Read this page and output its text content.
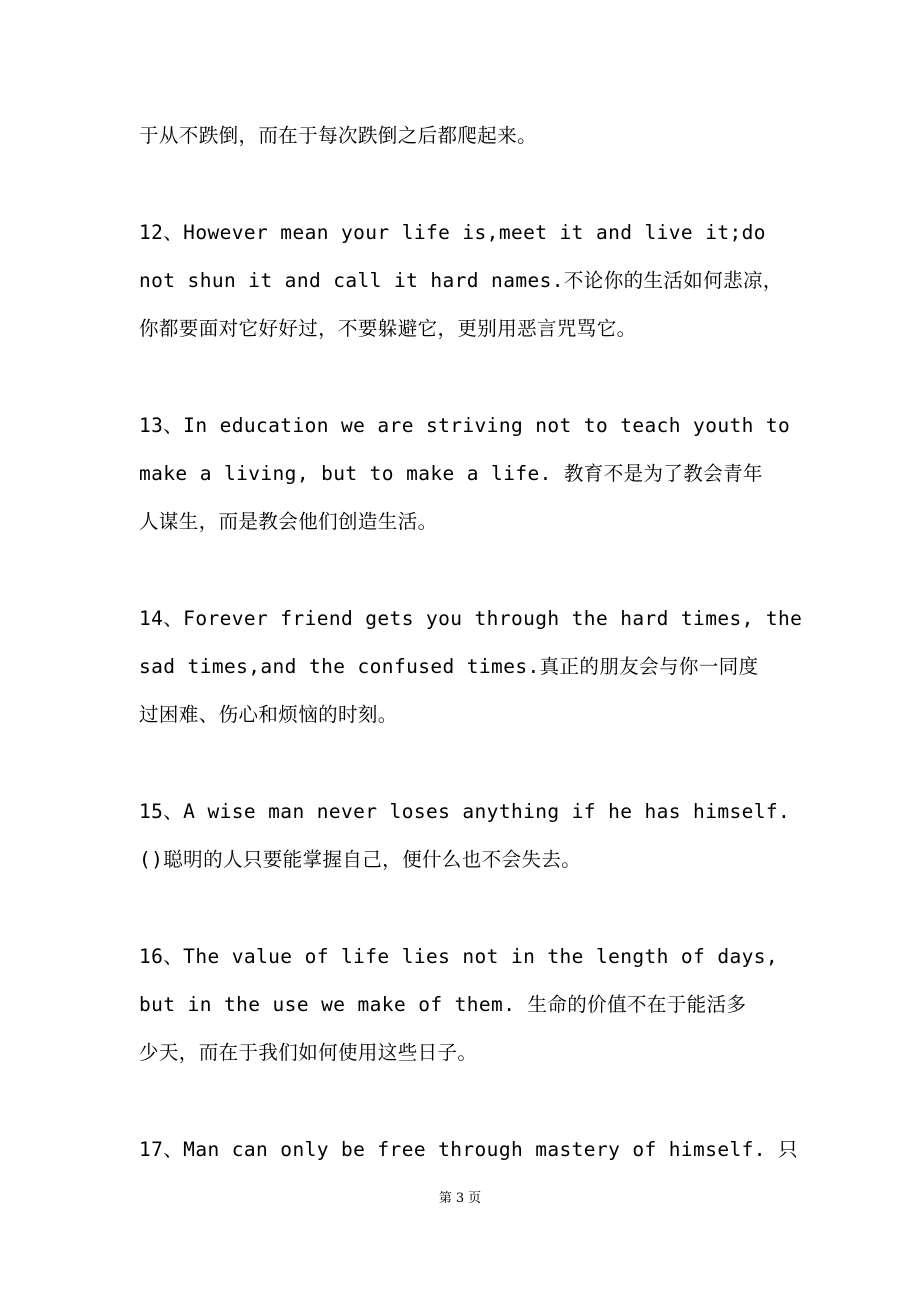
于从不跌倒，而在于每次跌倒之后都爬起来。
12、However mean your life is,meet it and live it;do
not shun it and call it hard names.不论你的生活如何悲凉，
你都要面对它好好过，不要躲避它，更别用恶言咒骂它。
13、In education we are striving not to teach youth to
make a living, but to make a life. 教育不是为了教会青年
人谋生，而是教会他们创造生活。
14、Forever friend gets you through the hard times, the
sad times,and the confused times.真正的朋友会与你一同度
过困难、伤心和烦恼的时刻。
15、A wise man never loses anything if he has himself.
()聪明的人只要能掌握自己，便什么也不会失去。
16、The value of life lies not in the length of days,
but in the use we make of them. 生命的价值不在于能活多
少天，而在于我们如何使用这些日子。
17、Man can only be free through mastery of himself. 只
第 3 页
